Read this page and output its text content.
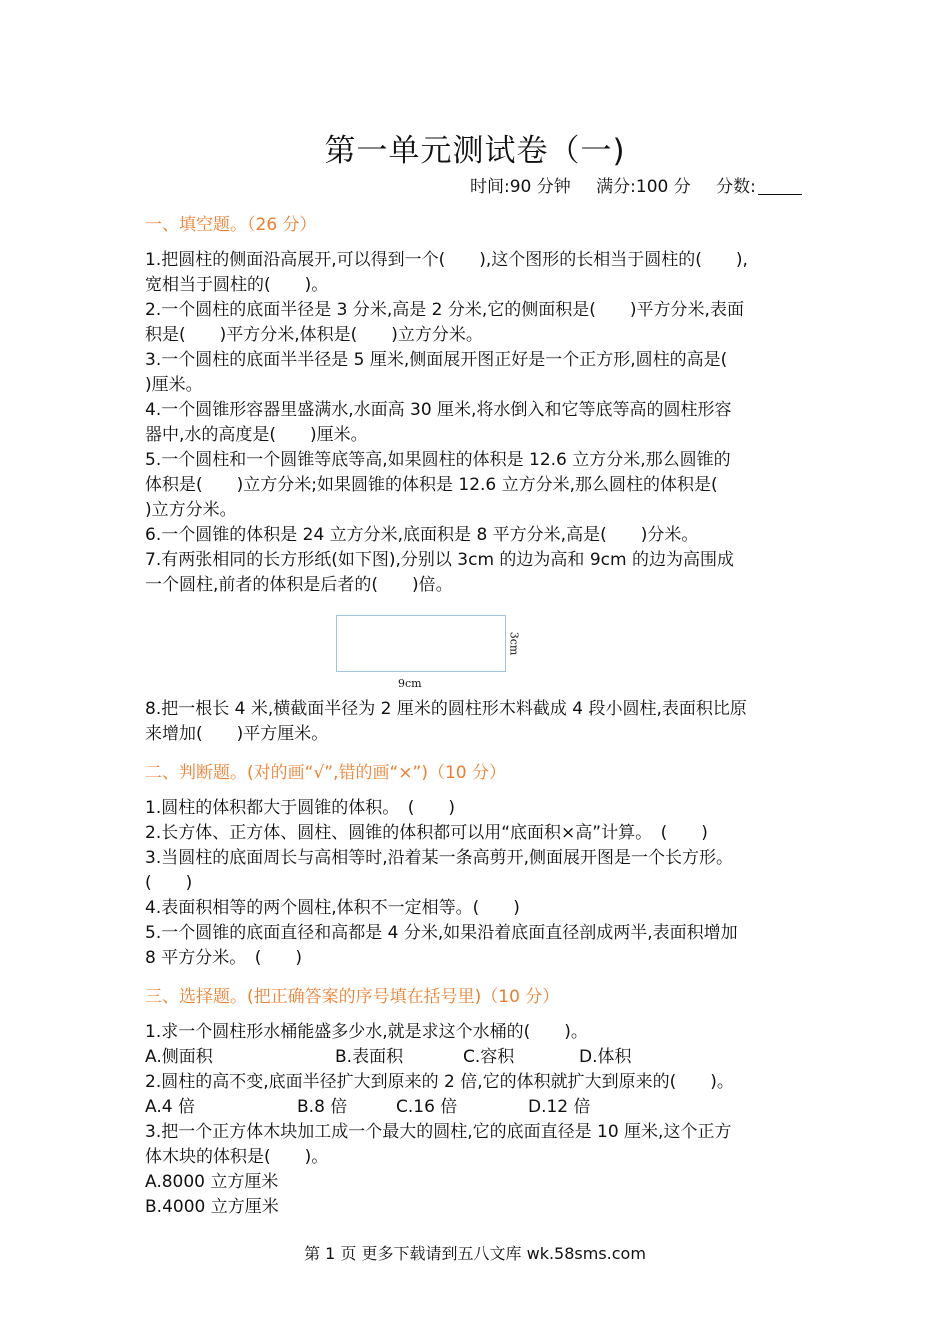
第一单元测试卷（一)
时间:90 分钟 满分:100 分 分数:
一、填空题。（26 分）
1.把圆柱的侧面沿高展开,可以得到一个(　　),这个图形的长相当于圆柱的(　　),
宽相当于圆柱的(　　)。
2.一个圆柱的底面半径是 3 分米,高是 2 分米,它的侧面积是(　　)平方分米,表面
积是(　　)平方分米,体积是(　　)立方分米。
3.一个圆柱的底面半半径是 5 厘米,侧面展开图正好是一个正方形,圆柱的高是(
)厘米。
4.一个圆锥形容器里盛满水,水面高 30 厘米,将水倒入和它等底等高的圆柱形容
器中,水的高度是(　　)厘米。
5.一个圆柱和一个圆锥等底等高,如果圆柱的体积是 12.6 立方分米,那么圆锥的
体积是(　　)立方分米;如果圆锥的体积是 12.6 立方分米,那么圆柱的体积是(
)立方分米。
6.一个圆锥的体积是 24 立方分米,底面积是 8 平方分米,高是(　　)分米。
7.有两张相同的长方形纸(如下图),分别以 3cm 的边为高和 9cm 的边为高围成
一个圆柱,前者的体积是后者的(　　)倍。
9cm
3cm
8.把一根长 4 米,横截面半径为 2 厘米的圆柱形木料截成 4 段小圆柱,表面积比原
来增加(　　)平方厘米。
二、判断题。(对的画“√”,错的画“×”)（10 分）
1.圆柱的体积都大于圆锥的体积。　(　　)
2.长方体、正方体、圆柱、圆锥的体积都可以用“底面积×高”计算。　(　　)
3.当圆柱的底面周长与高相等时,沿着某一条高剪开,侧面展开图是一个长方形。
(　　)
4.表面积相等的两个圆柱,体积不一定相等。(　　)
5.一个圆锥的底面直径和高都是 4 分米,如果沿着底面直径剖成两半,表面积增加
8 平方分米。　(　　)
三、选择题。(把正确答案的序号填在括号里)（10 分）
1.求一个圆柱形水桶能盛多少水,就是求这个水桶的(　　)。
A.侧面积	B.表面积	C.容积	D.体积
2.圆柱的高不变,底面半径扩大到原来的 2 倍,它的体积就扩大到原来的(　　)。
A.4 倍	B.8 倍	C.16 倍	D.12 倍
3.把一个正方体木块加工成一个最大的圆柱,它的底面直径是 10 厘米,这个正方
体木块的体积是(　　)。
A.8000 立方厘米
B.4000 立方厘米
第 1 页 更多下载请到五八文库 wk.58sms.com
